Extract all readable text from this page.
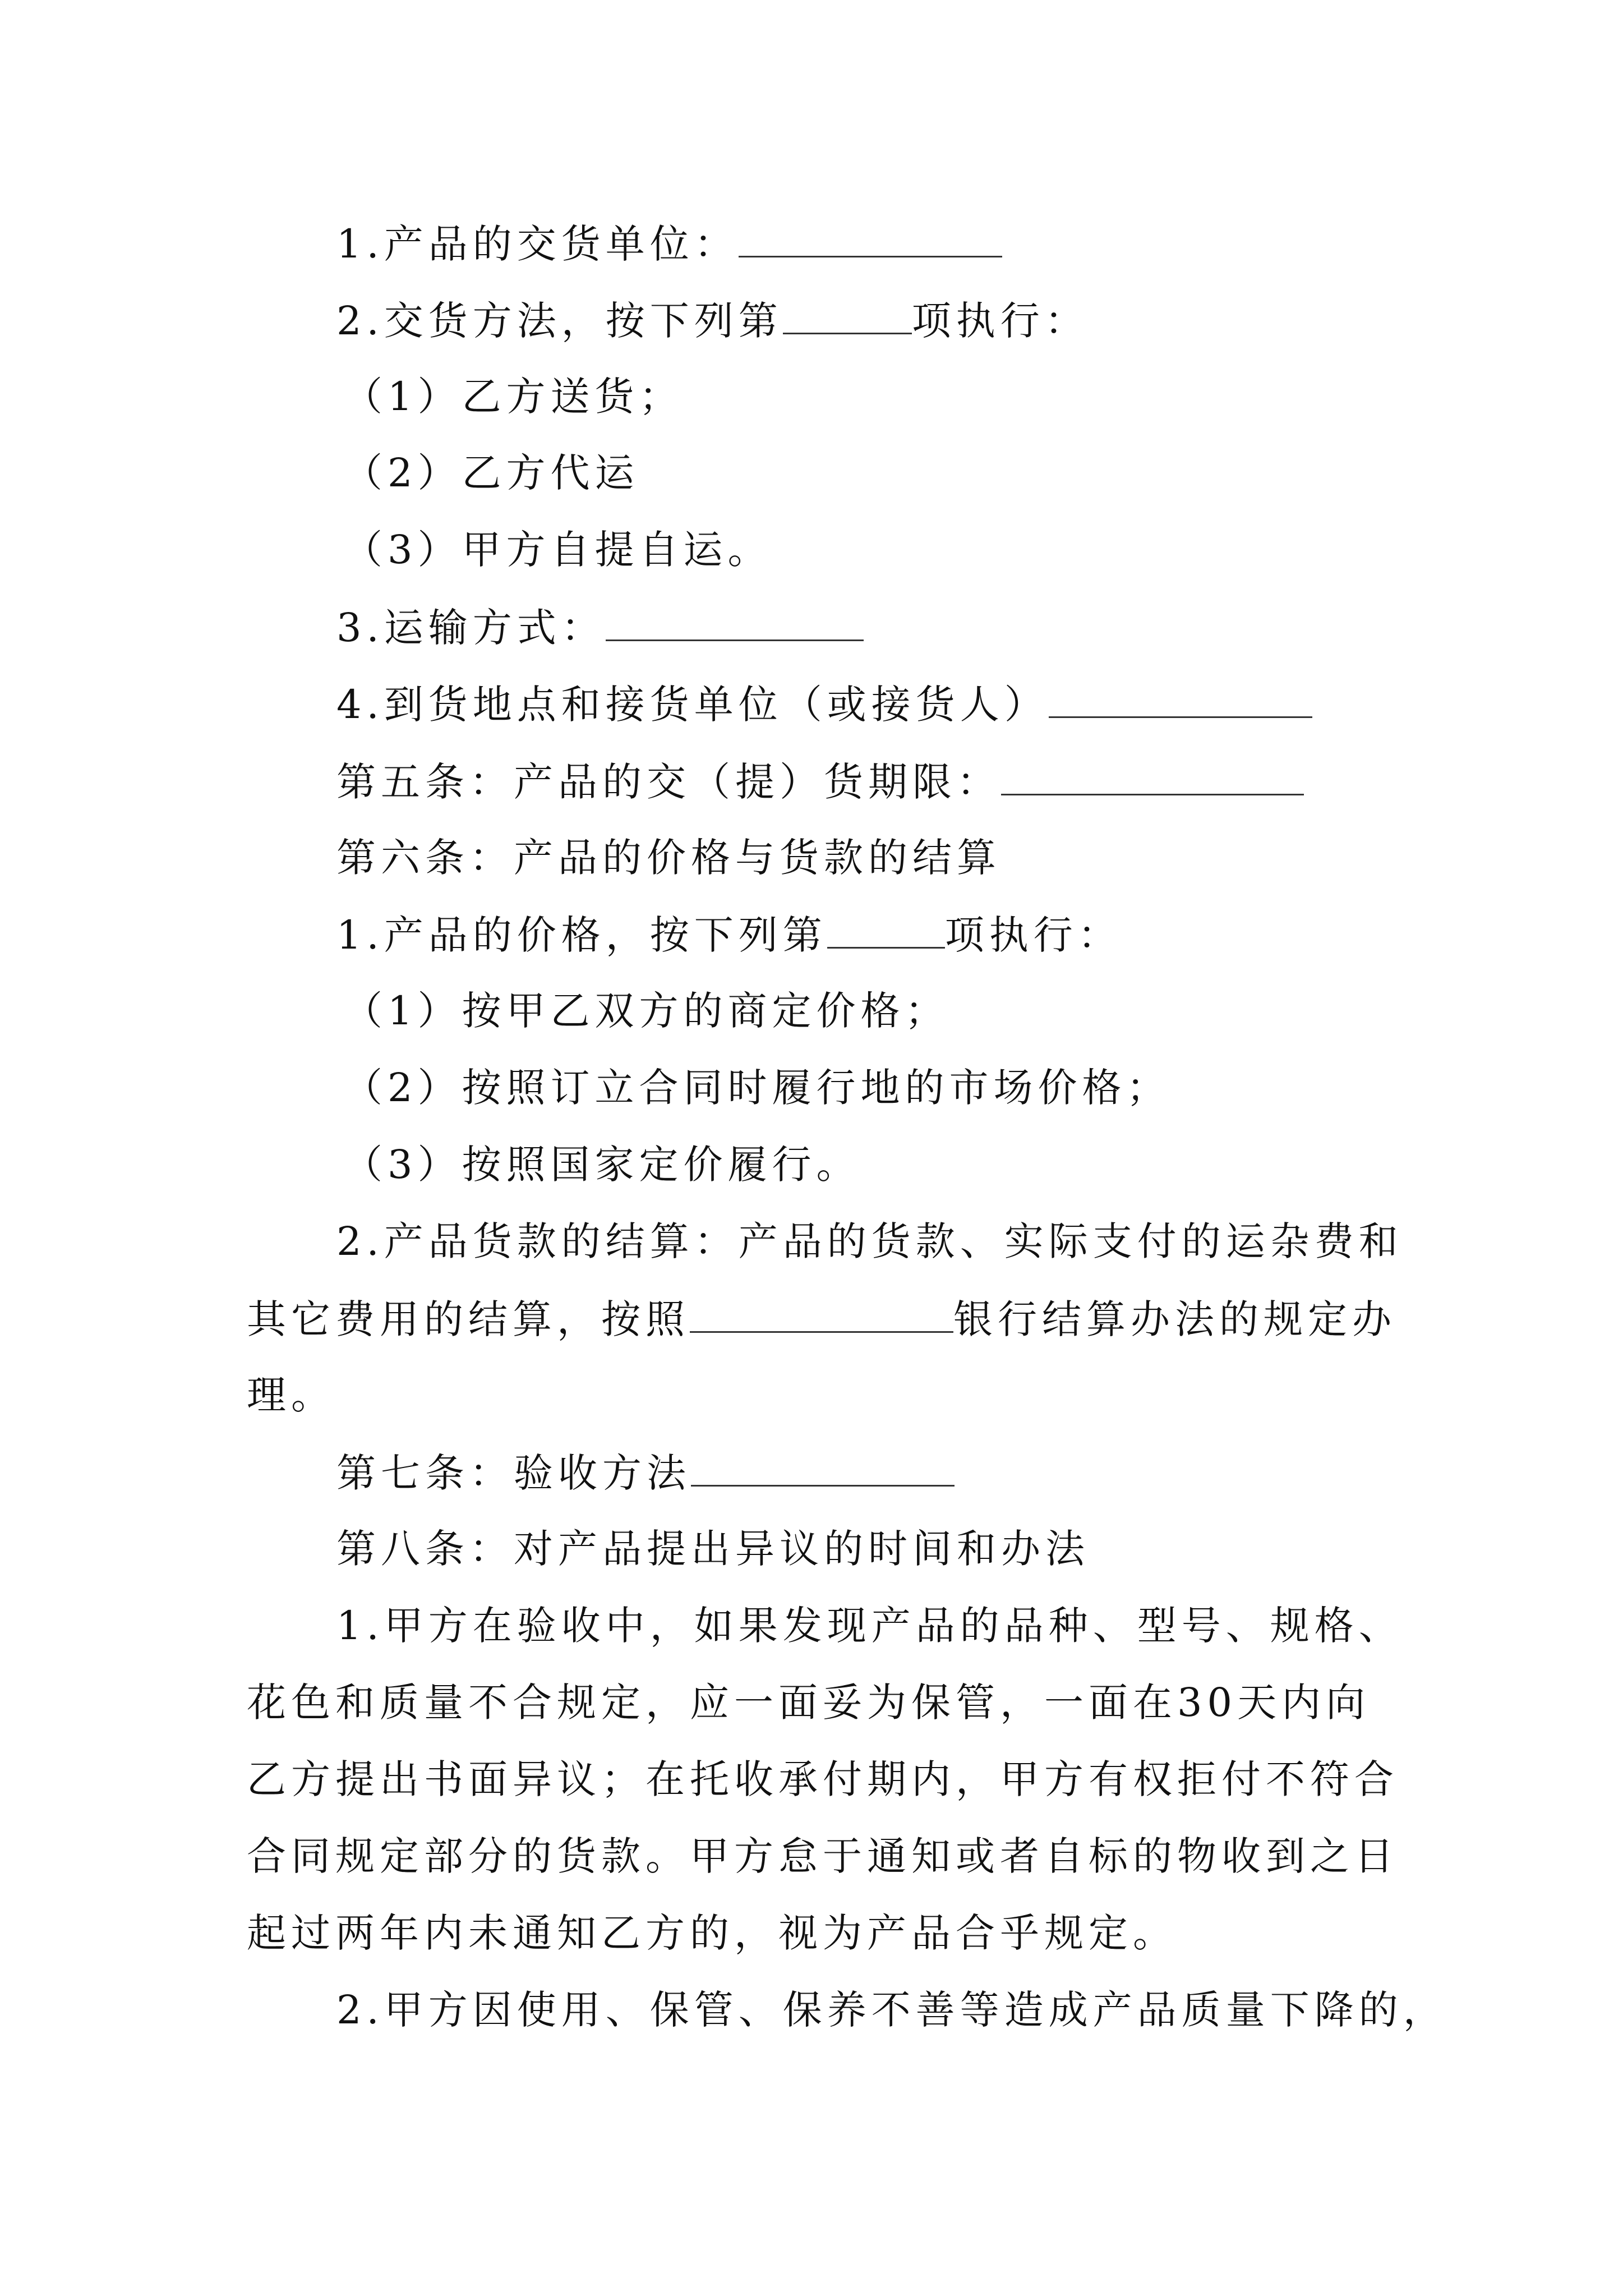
1.产品的交货单位：
2.交货方法，按下列第	项执行：
（1）乙方送货；
（2）乙方代运
（3）甲方自提自运。
3.运输方式：
4.到货地点和接货单位（或接货人）
第五条：产品的交（提）货期限：
第六条：产品的价格与货款的结算
1.产品的价格，按下列第	项执行：
（1）按甲乙双方的商定价格；
（2）按照订立合同时履行地的市场价格；
（3）按照国家定价履行。
2.产品货款的结算：产品的货款、实际支付的运杂费和
其它费用的结算，按照	银行结算办法的规定办
理。
第七条：验收方法
第八条：对产品提出异议的时间和办法
1.甲方在验收中，如果发现产品的品种、型号、规格、
花色和质量不合规定，应一面妥为保管，一面在30天内向
乙方提出书面异议；在托收承付期内，甲方有权拒付不符合
合同规定部分的货款。甲方怠于通知或者自标的物收到之日
起过两年内未通知乙方的，视为产品合乎规定。
2.甲方因使用、保管、保养不善等造成产品质量下降的，
